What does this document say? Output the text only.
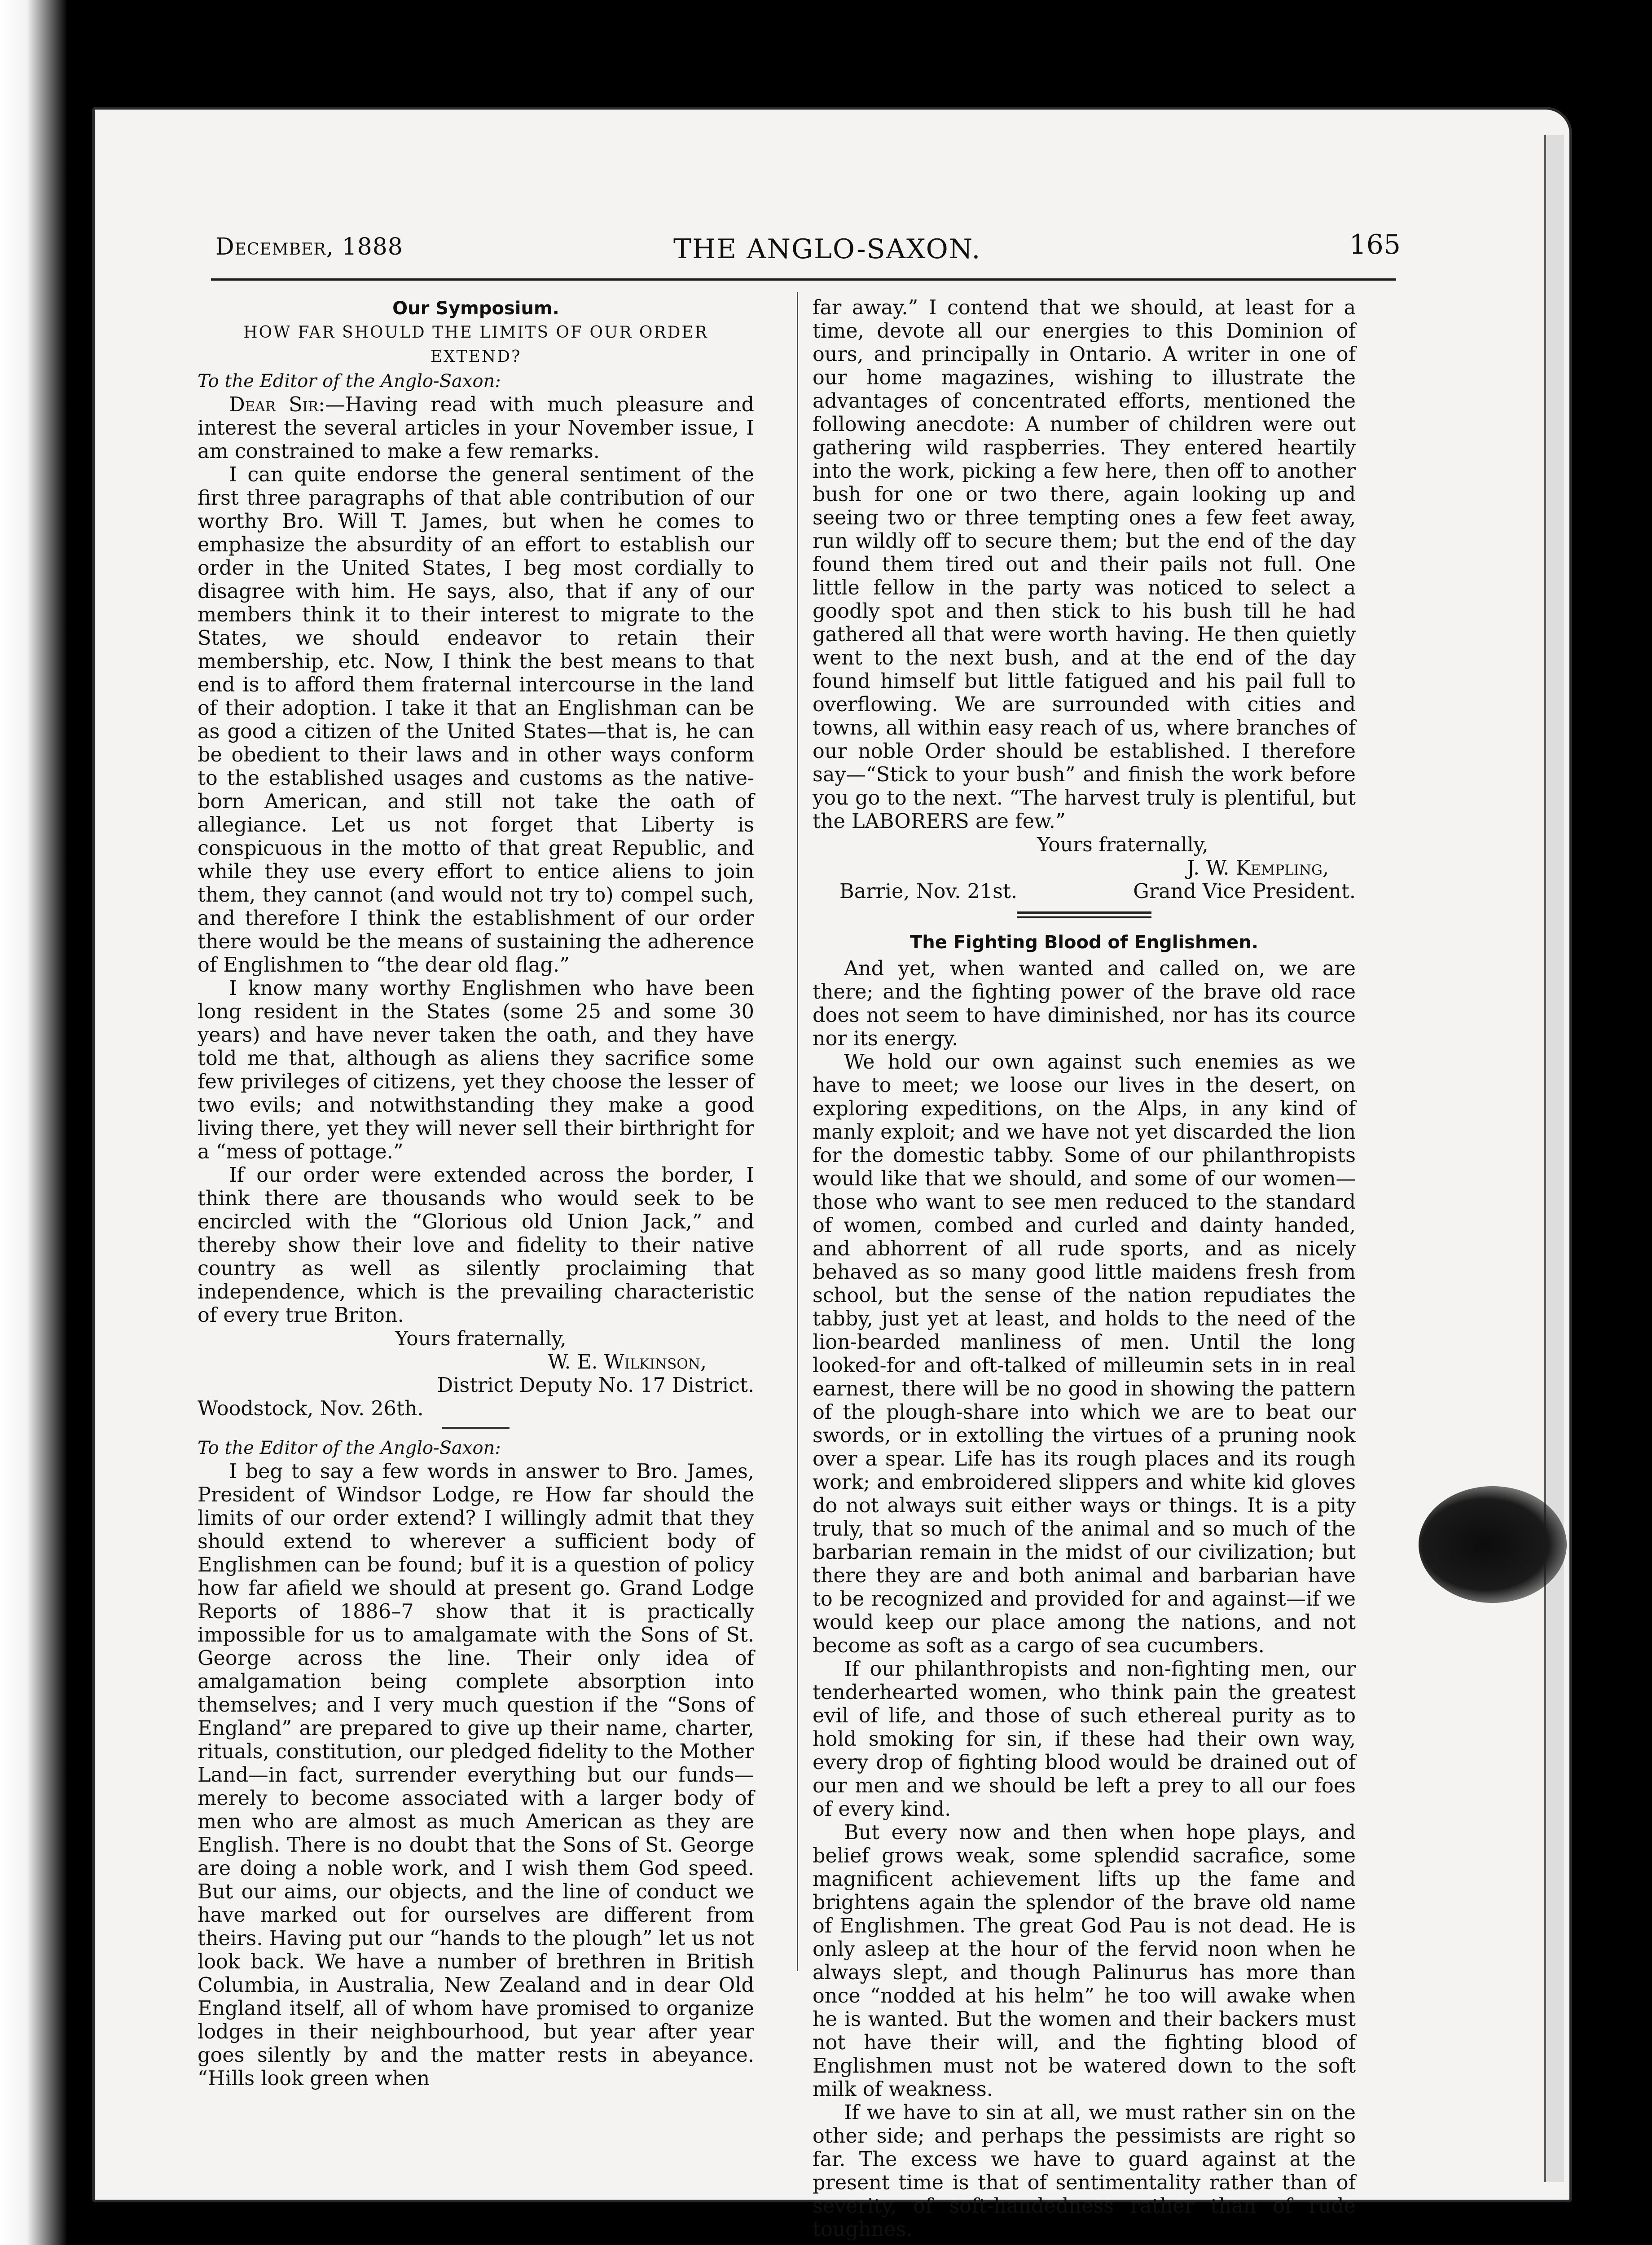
December, 1888	THE ANGLO-SAXON.	165
Our Symposium.
HOW FAR SHOULD THE LIMITS OF OUR ORDER EXTEND?
To the Editor of the Anglo-Saxon:

Dear Sir:—Having read with much pleasure and interest the several articles in your November issue, I am constrained to make a few remarks.

I can quite endorse the general sentiment of the first three paragraphs of that able contribution of our worthy Bro. Will T. James, but when he comes to emphasize the absurdity of an effort to establish our order in the United States, I beg most cordially to disagree with him. He says, also, that if any of our members think it to their interest to migrate to the States, we should endeavor to retain their membership, etc. Now, I think the best means to that end is to afford them fraternal intercourse in the land of their adoption. I take it that an Englishman can be as good a citizen of the United States—that is, he can be obedient to their laws and in other ways conform to the established usages and customs as the native-born American, and still not take the oath of allegiance. Let us not forget that Liberty is conspicuous in the motto of that great Republic, and while they use every effort to entice aliens to join them, they cannot (and would not try to) compel such, and therefore I think the establishment of our order there would be the means of sustaining the adherence of Englishmen to “the dear old flag.”

I know many worthy Englishmen who have been long resident in the States (some 25 and some 30 years) and have never taken the oath, and they have told me that, although as aliens they sacrifice some few privileges of citizens, yet they choose the lesser of two evils; and notwithstanding they make a good living there, yet they will never sell their birthright for a “mess of pottage.”

If our order were extended across the border, I think there are thousands who would seek to be encircled with the “Glorious old Union Jack,” and thereby show their love and fidelity to their native country as well as silently proclaiming that independence, which is the prevailing characteristic of every true Briton.

Yours fraternally,
W. E. Wilkinson,
District Deputy No. 17 District.
Woodstock, Nov. 26th.
To the Editor of the Anglo-Saxon:

I beg to say a few words in answer to Bro. James, President of Windsor Lodge, re How far should the limits of our order extend? I willingly admit that they should extend to wherever a sufficient body of Englishmen can be found; buf it is a question of policy how far afield we should at present go. Grand Lodge Reports of 1886–7 show that it is practically impossible for us to amalgamate with the Sons of St. George across the line. Their only idea of amalgamation being complete absorption into themselves; and I very much question if the “Sons of England” are prepared to give up their name, charter, rituals, constitution, our pledged fidelity to the Mother Land—in fact, surrender everything but our funds—merely to become associated with a larger body of men who are almost as much American as they are English. There is no doubt that the Sons of St. George are doing a noble work, and I wish them God speed. But our aims, our objects, and the line of conduct we have marked out for ourselves are different from theirs. Having put our “hands to the plough” let us not look back. We have a number of brethren in British Columbia, in Australia, New Zealand and in dear Old England itself, all of whom have promised to organize lodges in their neighbourhood, but year after year goes silently by and the matter rests in abeyance. “Hills look green when

far away.” I contend that we should, at least for a time, devote all our energies to this Dominion of ours, and principally in Ontario. A writer in one of our home magazines, wishing to illustrate the advantages of concentrated efforts, mentioned the following anecdote: A number of children were out gathering wild raspberries. They entered heartily into the work, picking a few here, then off to another bush for one or two there, again looking up and seeing two or three tempting ones a few feet away, run wildly off to secure them; but the end of the day found them tired out and their pails not full. One little fellow in the party was noticed to select a goodly spot and then stick to his bush till he had gathered all that were worth having. He then quietly went to the next bush, and at the end of the day found himself but little fatigued and his pail full to overflowing. We are surrounded with cities and towns, all within easy reach of us, where branches of our noble Order should be established. I therefore say—“Stick to your bush” and finish the work before you go to the next. “The harvest truly is plentiful, but the LABORERS are few.”

Yours fraternally,
J. W. Kempling,
Barrie, Nov. 21st.	Grand Vice President.
The Fighting Blood of Englishmen.

And yet, when wanted and called on, we are there; and the fighting power of the brave old race does not seem to have diminished, nor has its cource nor its energy.

We hold our own against such enemies as we have to meet; we loose our lives in the desert, on exploring expeditions, on the Alps, in any kind of manly exploit; and we have not yet discarded the lion for the domestic tabby. Some of our philanthropists would like that we should, and some of our women—those who want to see men reduced to the standard of women, combed and curled and dainty handed, and abhorrent of all rude sports, and as nicely behaved as so many good little maidens fresh from school, but the sense of the nation repudiates the tabby, just yet at least, and holds to the need of the lion-bearded manliness of men. Until the long looked-for and oft-talked of milleumin sets in in real earnest, there will be no good in showing the pattern of the plough-share into which we are to beat our swords, or in extolling the virtues of a pruning nook over a spear. Life has its rough places and its rough work; and embroidered slippers and white kid gloves do not always suit either ways or things. It is a pity truly, that so much of the animal and so much of the barbarian remain in the midst of our civilization; but there they are and both animal and barbarian have to be recognized and provided for and against—if we would keep our place among the nations, and not become as soft as a cargo of sea cucumbers.

If our philanthropists and non-fighting men, our tenderhearted women, who think pain the greatest evil of life, and those of such ethereal purity as to hold smoking for sin, if these had their own way, every drop of fighting blood would be drained out of our men and we should be left a prey to all our foes of every kind.

But every now and then when hope plays, and belief grows weak, some splendid sacrafice, some magnificent achievement lifts up the fame and brightens again the splendor of the brave old name of Englishmen. The great God Pau is not dead. He is only asleep at the hour of the fervid noon when he always slept, and though Palinurus has more than once “nodded at his helm” he too will awake when he is wanted. But the women and their backers must not have their will, and the fighting blood of Englishmen must not be watered down to the soft milk of weakness.

If we have to sin at all, we must rather sin on the other side; and perhaps the pessimists are right so far. The excess we have to guard against at the present time is that of sentimentality rather than of severity, of soft-handedness rather than of rude toughnes.
